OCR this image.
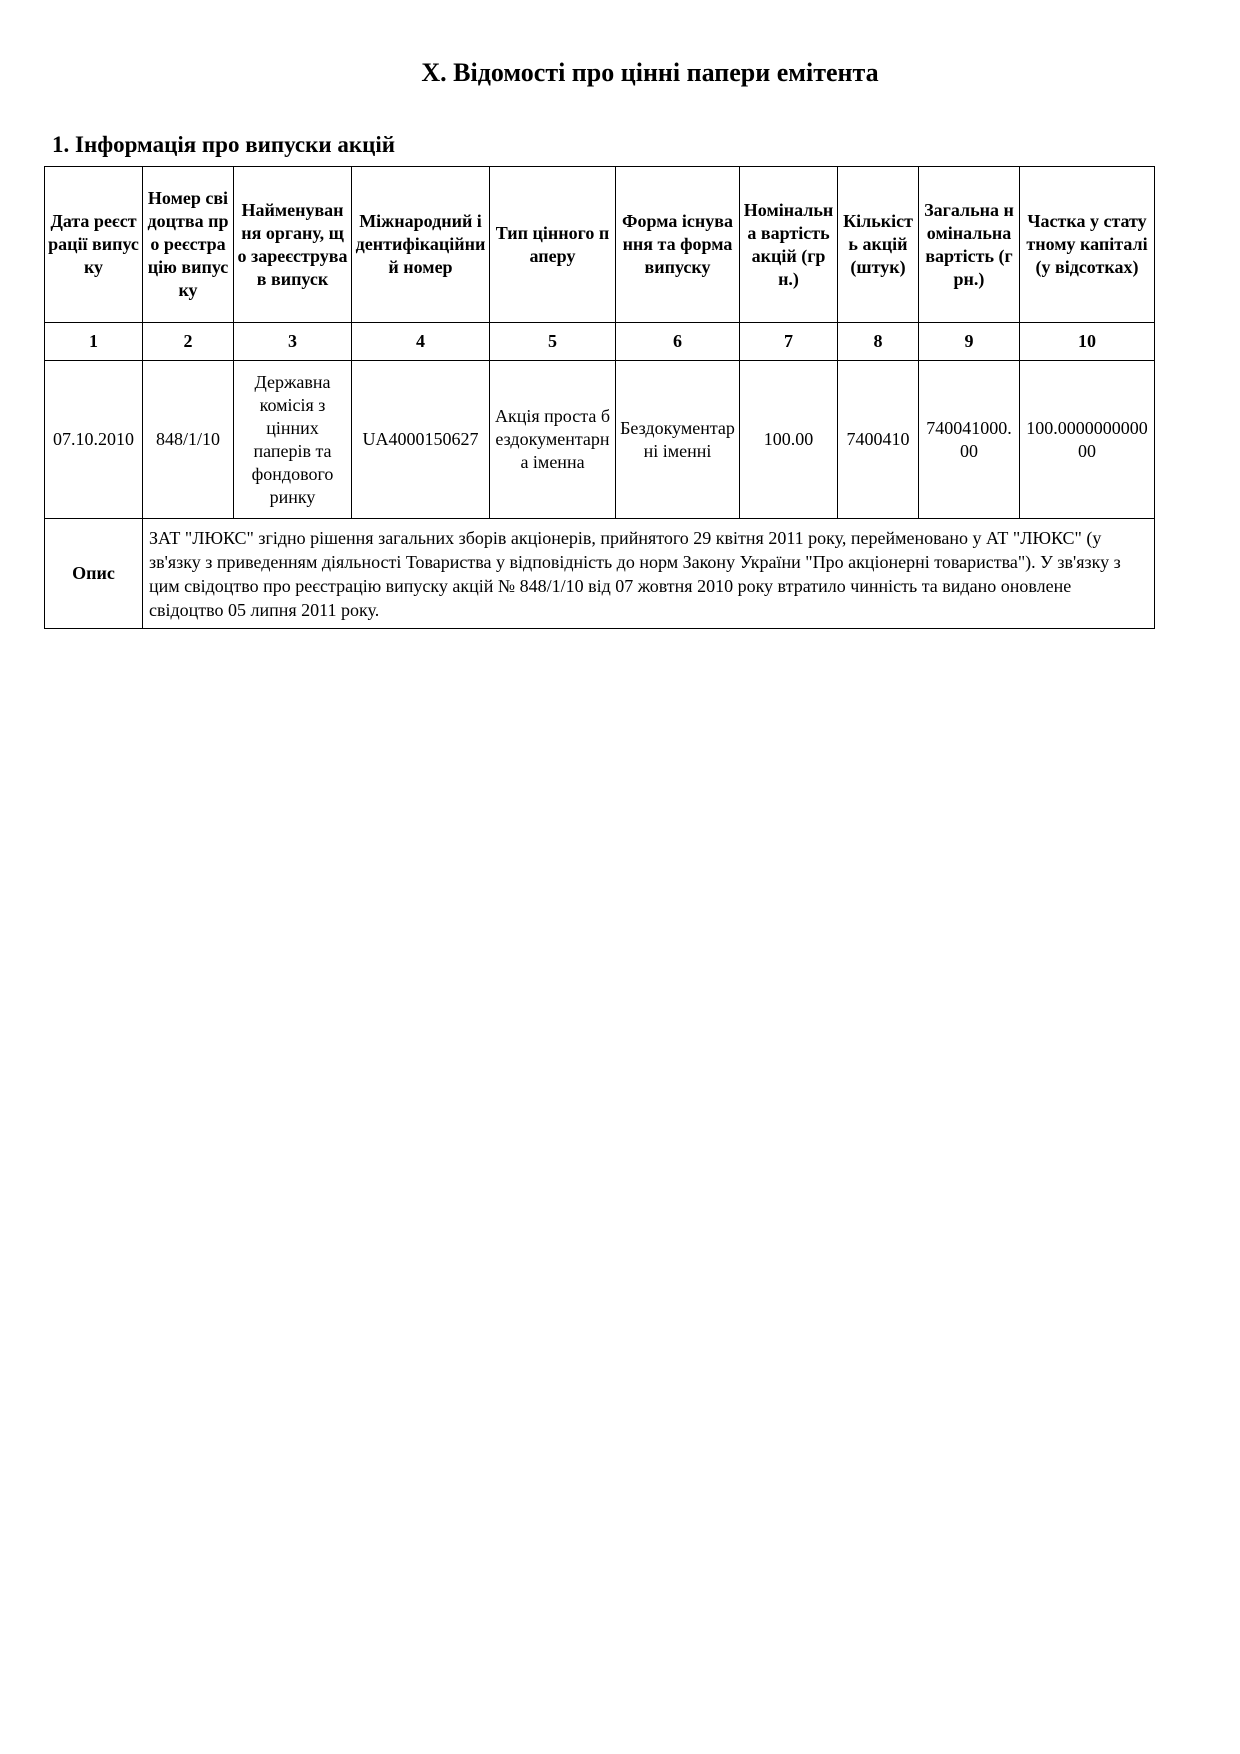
X. Відомості про цінні папери емітента
1. Інформація про випуски акцій
Дата реєстрації випуску	Номер свідоцтва про реєстрацію випуску	Найменування органу, що зареєстрував випуск	Міжнародний ідентифікаційний номер	Тип цінного паперу	Форма існування та форма випуску	Номінальна вартість акцій (грн.)	Кількість акцій (штук)	Загальна номінальна вартість (грн.)	Частка у статутному капіталі (у відсотках)
1	2	3	4	5	6	7	8	9	10
07.10.2010	848/1/10	Державна комісія з цінних паперів та фондового ринку	UA4000150627	Акція проста бездокументарна іменна	Бездокументарні іменні	100.00	7400410	740041000.00	100.000000000000
Опис	ЗАТ "ЛЮКС" згідно рішення загальних зборів акціонерів, прийнятого 29 квітня 2011 року, перейменовано у АТ "ЛЮКС" (у зв'язку з приведенням діяльності Товариства у відповідність до норм Закону України "Про акціонерні товариства"). У зв'язку з цим свідоцтво про реєстрацію випуску акцій № 848/1/10 від 07 жовтня 2010 року втратило чинність та видано оновлене свідоцтво 05 липня 2011 року.								
